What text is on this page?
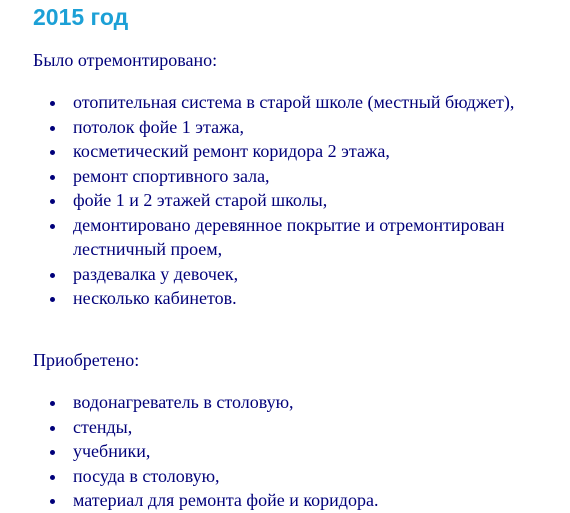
2015 год

Было отремонтировано:

отопительная система в старой школе (местный бюджет),
потолок фойе 1 этажа,
косметический ремонт коридора 2 этажа,
ремонт спортивного зала,
фойе 1 и 2 этажей старой школы,
демонтировано деревянное покрытие и отремонтирован лестничный проем,
раздевалка у девочек,
несколько кабинетов.

Приобретено:

водонагреватель в столовую,
стенды,
учебники,
посуда в столовую,
материал для ремонта фойе и коридора.
